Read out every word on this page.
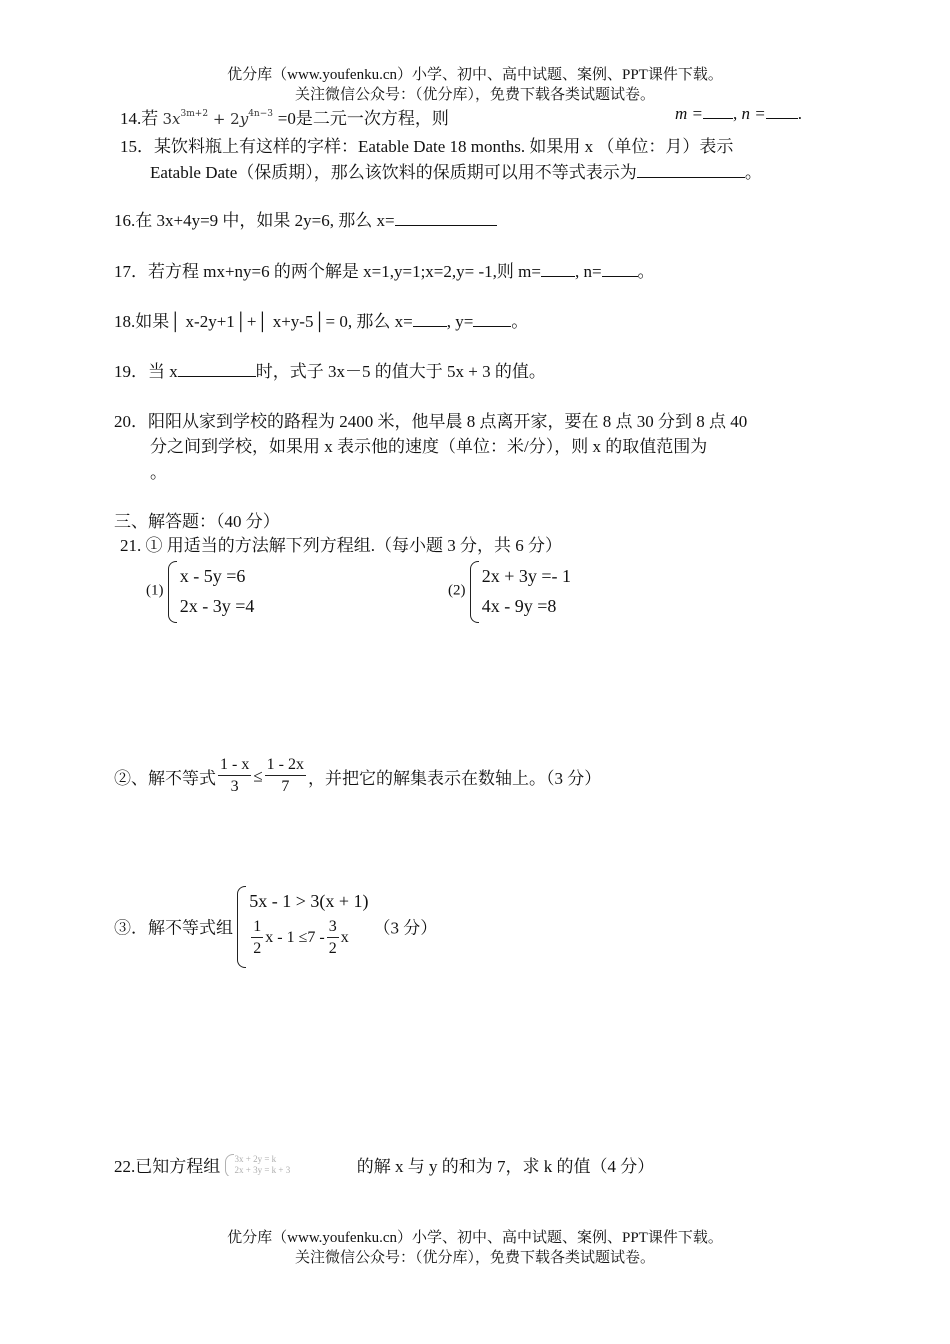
优分库（www.youfenku.cn）小学、初中、高中试题、案例、PPT课件下载。
关注微信公众号：（优分库），免费下载各类试题试卷。
14.若 $3x^{3m+2} + 2y^{4n-3} =0$是二元一次方程，则	m = , n = .
15．某饮料瓶上有这样的字样：Eatable Date 18 months. 如果用 x （单位：月）表示
Eatable Date（保质期），那么该饮料的保质期可以用不等式表示为	。
16.在 3x+4y=9 中，如果 2y=6, 那么 x=
17．若方程 mx+ny=6 的两个解是 x=1,y=1;x=2,y= -1,则 m= , n= 。
18.如果│ x-2y+1│+│ x+y-5│= 0, 那么 x= , y= 。
19．当 x	时，式子 3x－5 的值大于 5x + 3 的值。
20．阳阳从家到学校的路程为 2400 米，他早晨 8 点离开家，要在 8 点 30 分到 8 点 40
分之间到学校，如果用 x 表示他的速度（单位：米/分），则 x 的取值范围为
。
三、解答题：（40 分）
21. ① 用适当的方法解下列方程组.（每小题 3 分，共 6 分）
(1)
x - 5y =6
2x - 3y =4
(2)
2x + 3y =- 1
4x - 9y =8
②、解不等式 $\frac{1 - x}{3} \le \frac{1 - 2x}{7}$ ，并把它的解集表示在数轴上。（3 分）
③．解不等式组
5x - 1 > 3(x + 1)
$\frac{1}{2}$ $x - 1 \le 7 - \frac{3}{2}$ x	（3 分）
22.已知方程组	3x + 2y = k
2x + 3y = k + 3	的解 x 与 y 的和为 7，求 k 的值（4 分）
优分库（www.youfenku.cn）小学、初中、高中试题、案例、PPT课件下载。
关注微信公众号：（优分库），免费下载各类试题试卷。
